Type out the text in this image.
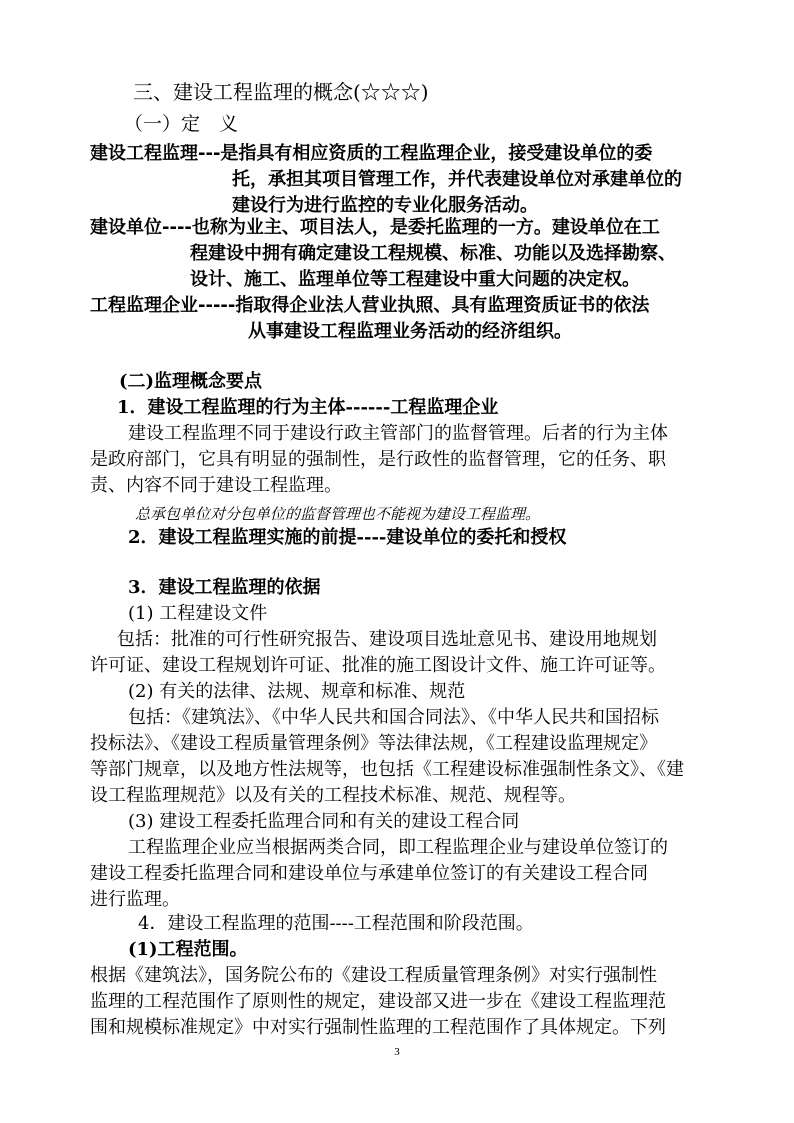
三、建设工程监理的概念(☆☆☆)
（一）定　义
建设工程监理---是指具有相应资质的工程监理企业，接受建设单位的委
托，承担其项目管理工作，并代表建设单位对承建单位的
建设行为进行监控的专业化服务活动。
建设单位----也称为业主、项目法人，是委托监理的一方。建设单位在工
程建设中拥有确定建设工程规模、标准、功能以及选择勘察、
设计、施工、监理单位等工程建设中重大问题的决定权。
工程监理企业-----指取得企业法人营业执照、具有监理资质证书的依法
从事建设工程监理业务活动的经济组织。
(二)监理概念要点
1．建设工程监理的行为主体------工程监理企业
建设工程监理不同于建设行政主管部门的监督管理。后者的行为主体
是政府部门，它具有明显的强制性，是行政性的监督管理，它的任务、职
责、内容不同于建设工程监理。
总承包单位对分包单位的监督管理也不能视为建设工程监理。
2．建设工程监理实施的前提----建设单位的委托和授权
3．建设工程监理的依据
(1) 工程建设文件
包括：批准的可行性研究报告、建设项目选址意见书、建设用地规划
许可证、建设工程规划许可证、批准的施工图设计文件、施工许可证等。
(2) 有关的法律、法规、规章和标准、规范
包括：《建筑法》、《中华人民共和国合同法》、《中华人民共和国招标
投标法》、《建设工程质量管理条例》等法律法规，《工程建设监理规定》
等部门规章，以及地方性法规等，也包括《工程建设标准强制性条文》、《建
设工程监理规范》以及有关的工程技术标准、规范、规程等。
(3) 建设工程委托监理合同和有关的建设工程合同
工程监理企业应当根据两类合同，即工程监理企业与建设单位签订的
建设工程委托监理合同和建设单位与承建单位签订的有关建设工程合同
进行监理。
4．建设工程监理的范围----工程范围和阶段范围。
(1)工程范围。
根据《建筑法》，国务院公布的《建设工程质量管理条例》对实行强制性
监理的工程范围作了原则性的规定，建设部又进一步在《建设工程监理范
围和规模标准规定》中对实行强制性监理的工程范围作了具体规定。下列
3
